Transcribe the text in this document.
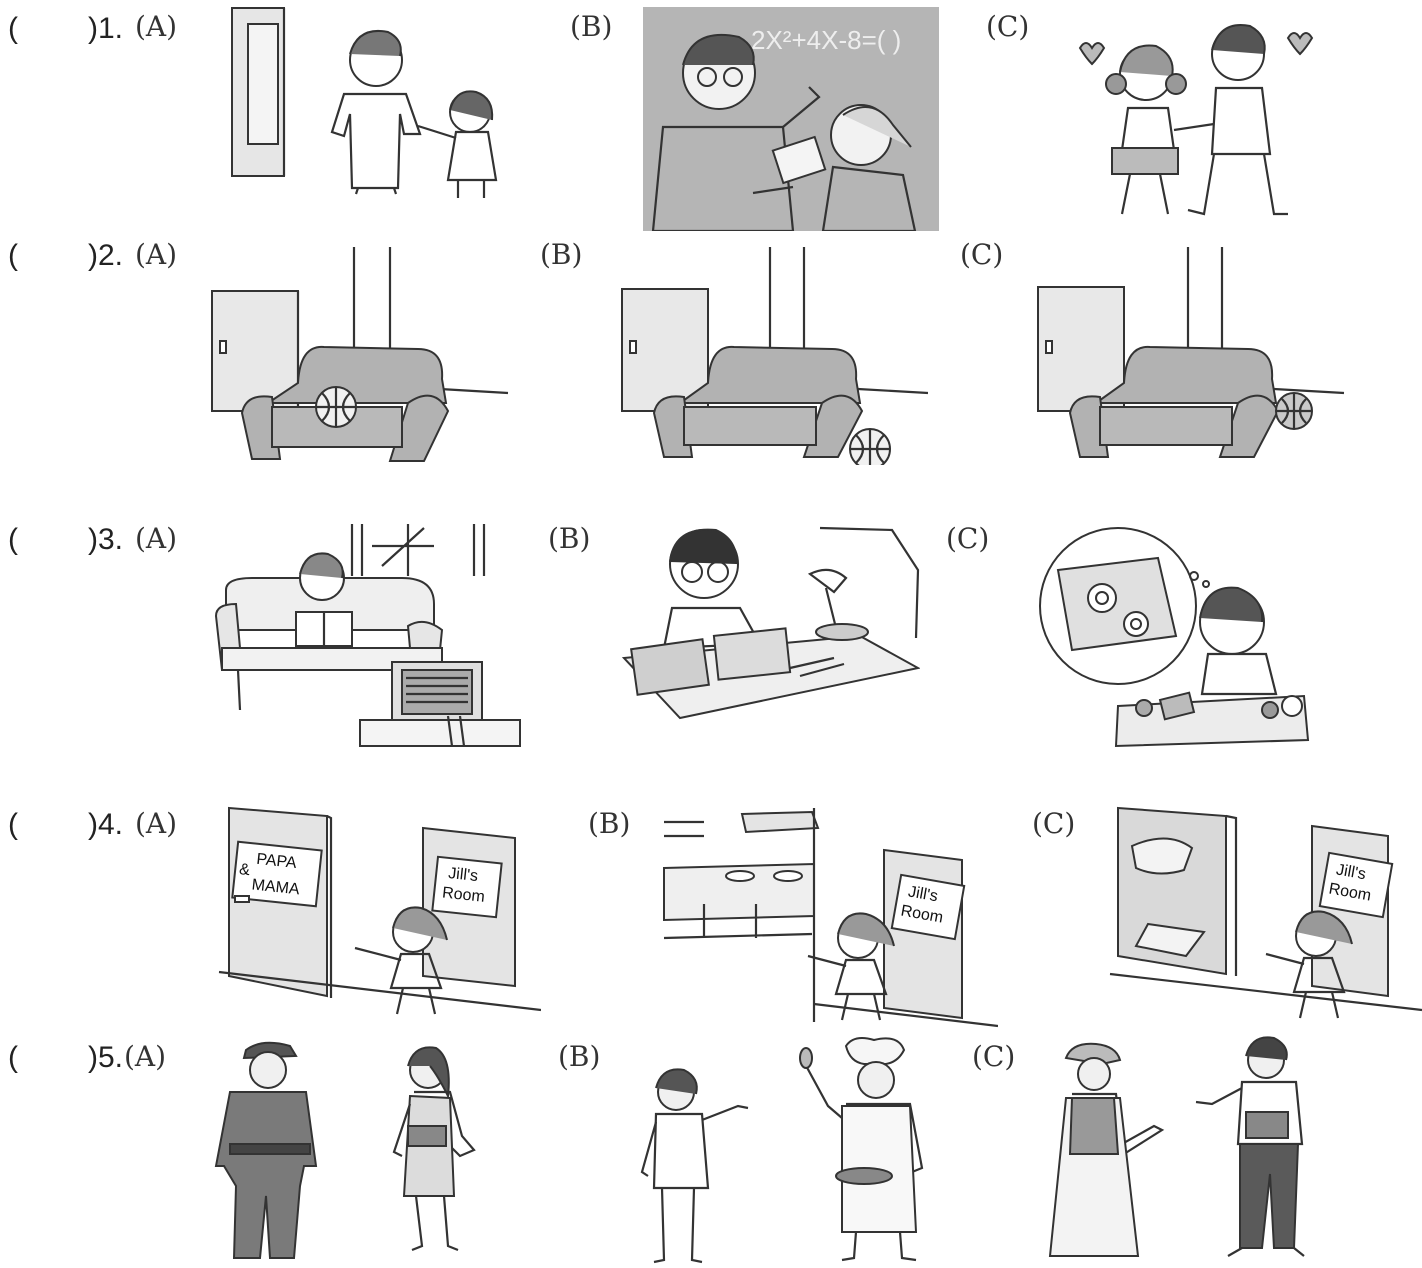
( )1. (A)	(B)	(C)
( )2. (A)	(B)	(C)
( )3. (A)	(B)	(C)
( )4. (A)	(B)	(C)
( )5. (A)	(B)	(C)
2X²+4X-8=( )
PAPA
&
MAMA
Jill's
Room	Jill's
Room
Jill's
Room
